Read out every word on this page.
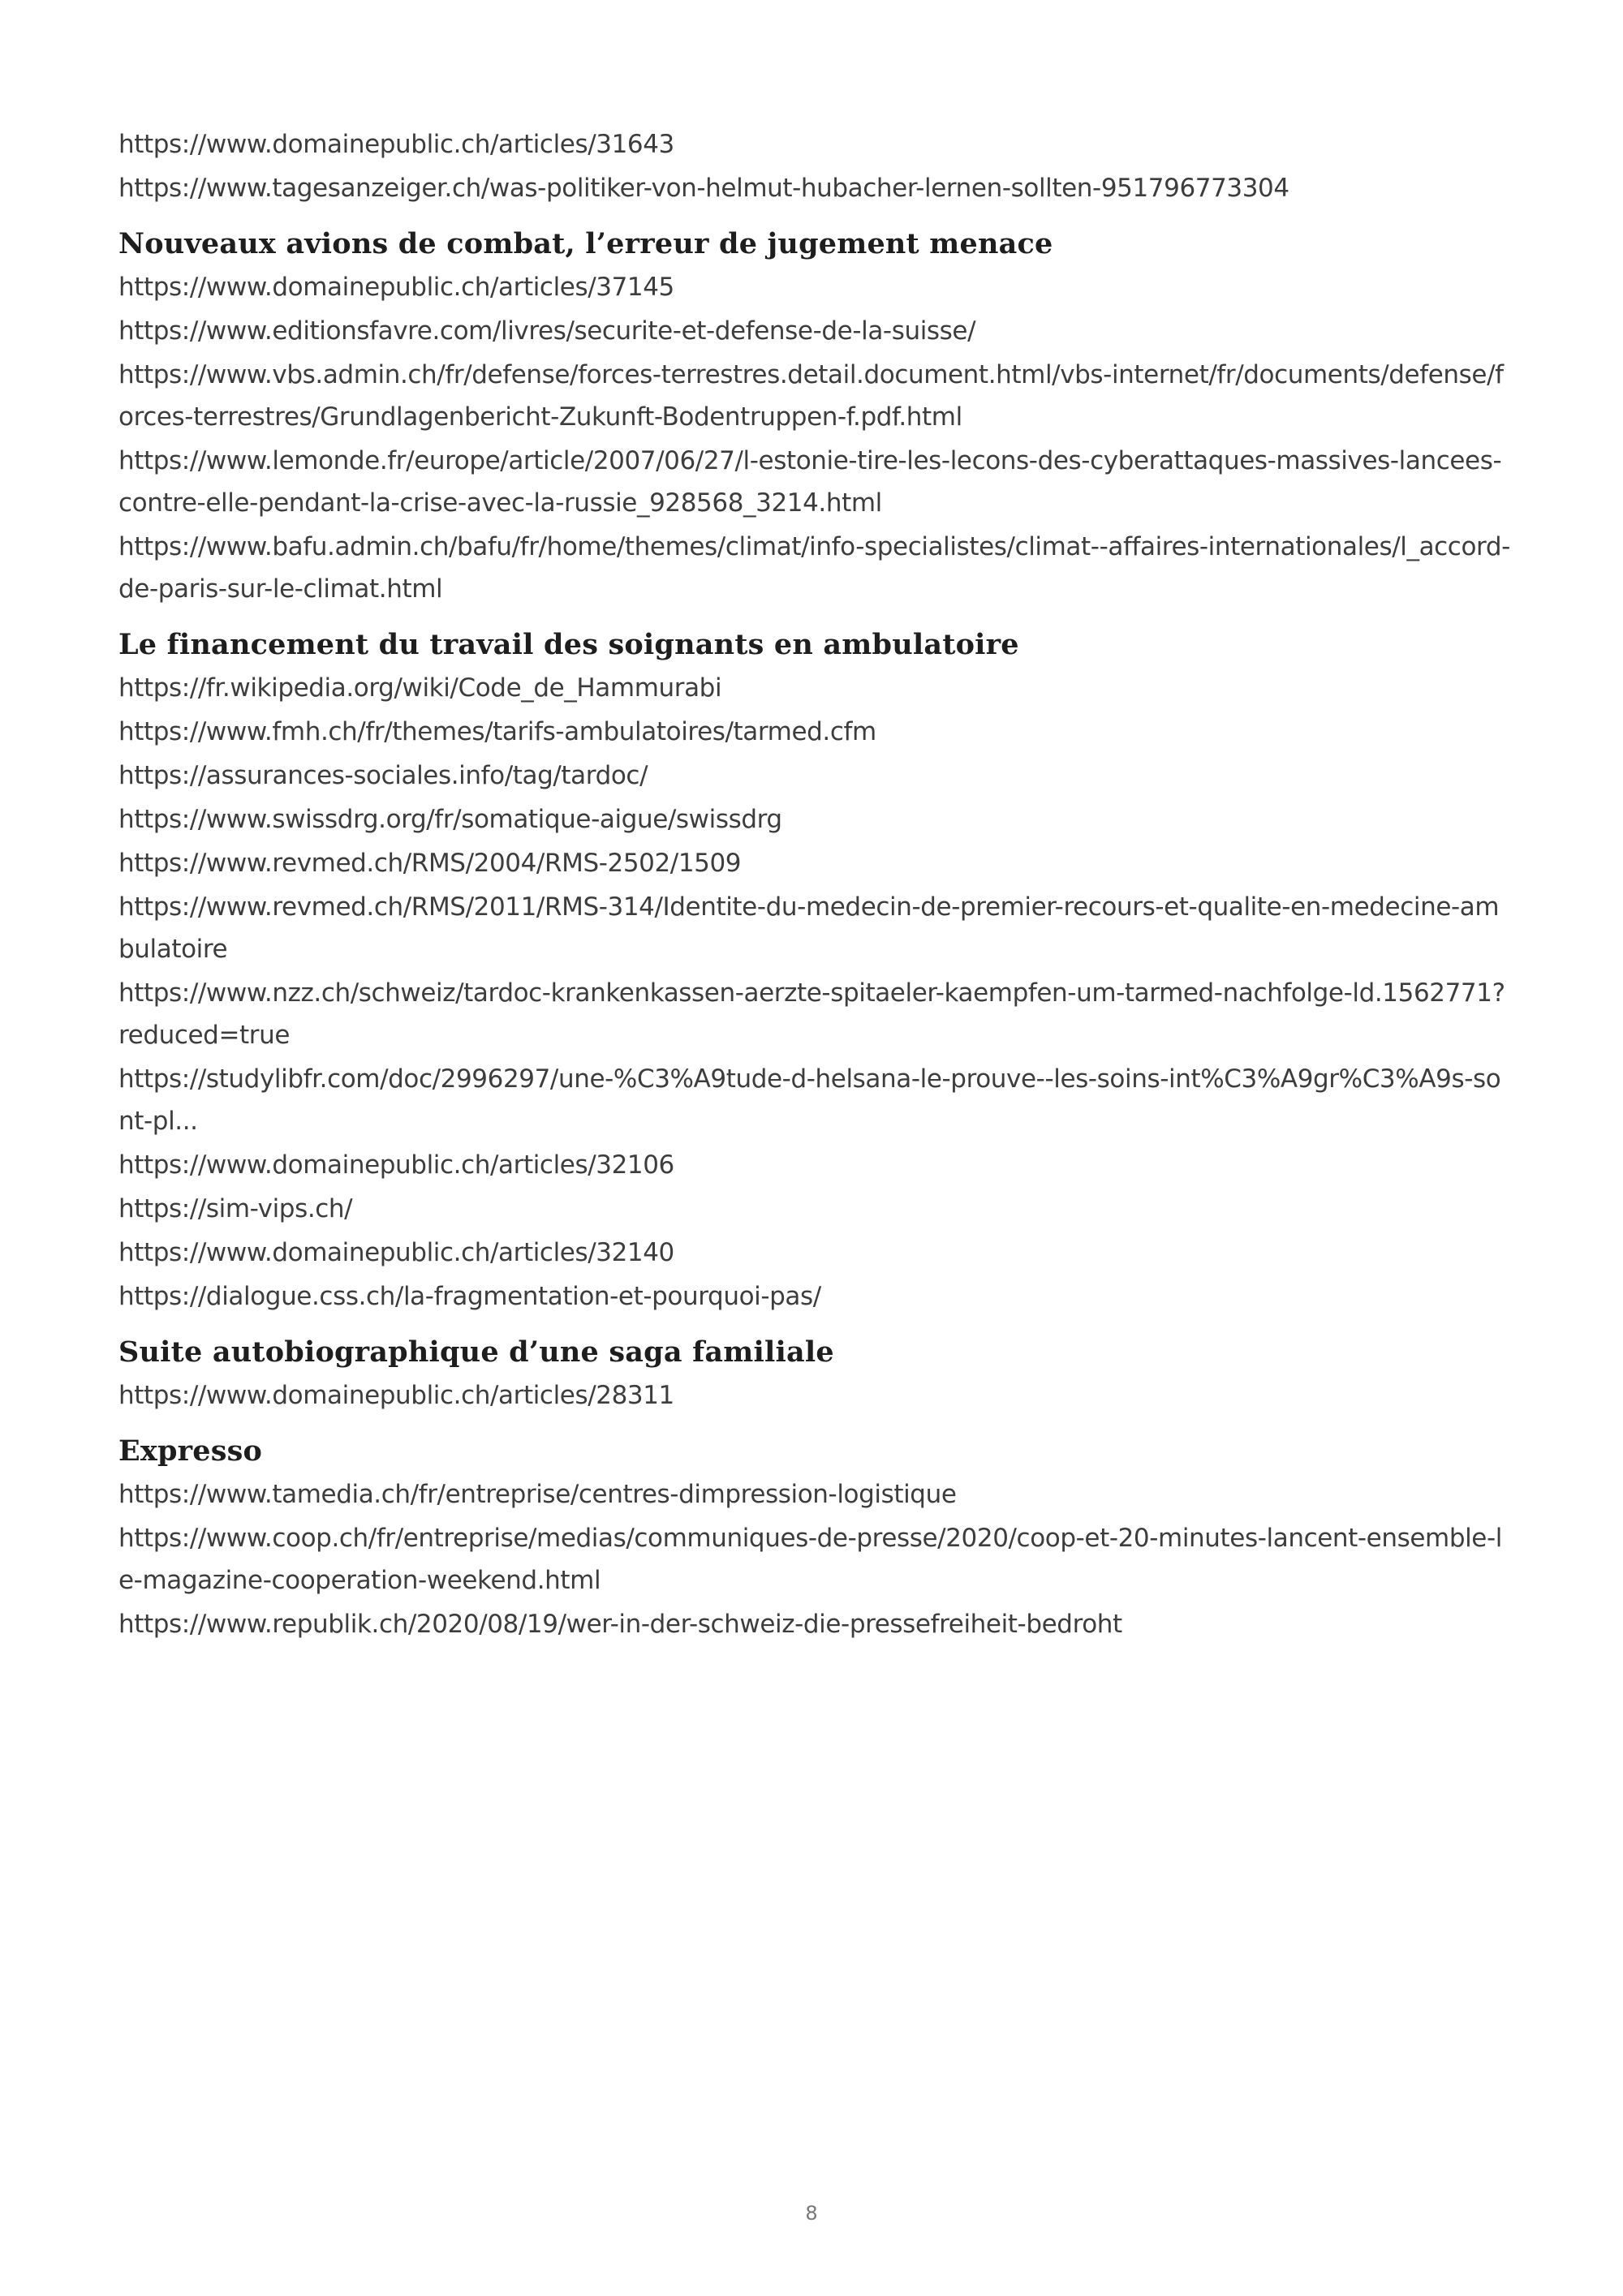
https://www.domainepublic.ch/articles/31643
https://www.tagesanzeiger.ch/was-politiker-von-helmut-hubacher-lernen-sollten-951796773304
Nouveaux avions de combat, l’erreur de jugement menace
https://www.domainepublic.ch/articles/37145
https://www.editionsfavre.com/livres/securite-et-defense-de-la-suisse/
https://www.vbs.admin.ch/fr/defense/forces-terrestres.detail.document.html/vbs-internet/fr/documents/defense/forces-terrestres/Grundlagenbericht-Zukunft-Bodentruppen-f.pdf.html
https://www.lemonde.fr/europe/article/2007/06/27/l-estonie-tire-les-lecons-des-cyberattaques-massives-lancees-contre-elle-pendant-la-crise-avec-la-russie_928568_3214.html
https://www.bafu.admin.ch/bafu/fr/home/themes/climat/info-specialistes/climat--affaires-internationales/l_accord-de-paris-sur-le-climat.html
Le financement du travail des soignants en ambulatoire
https://fr.wikipedia.org/wiki/Code_de_Hammurabi
https://www.fmh.ch/fr/themes/tarifs-ambulatoires/tarmed.cfm
https://assurances-sociales.info/tag/tardoc/
https://www.swissdrg.org/fr/somatique-aigue/swissdrg
https://www.revmed.ch/RMS/2004/RMS-2502/1509
https://www.revmed.ch/RMS/2011/RMS-314/Identite-du-medecin-de-premier-recours-et-qualite-en-medecine-ambulatoire
https://www.nzz.ch/schweiz/tardoc-krankenkassen-aerzte-spitaeler-kaempfen-um-tarmed-nachfolge-ld.1562771?reduced=true
https://studylibfr.com/doc/2996297/une-%C3%A9tude-d-helsana-le-prouve--les-soins-int%C3%A9gr%C3%A9s-sont-pl...
https://www.domainepublic.ch/articles/32106
https://sim-vips.ch/
https://www.domainepublic.ch/articles/32140
https://dialogue.css.ch/la-fragmentation-et-pourquoi-pas/
Suite autobiographique d’une saga familiale
https://www.domainepublic.ch/articles/28311
Expresso
https://www.tamedia.ch/fr/entreprise/centres-dimpression-logistique
https://www.coop.ch/fr/entreprise/medias/communiques-de-presse/2020/coop-et-20-minutes-lancent-ensemble-le-magazine-cooperation-weekend.html
https://www.republik.ch/2020/08/19/wer-in-der-schweiz-die-pressefreiheit-bedroht
8
